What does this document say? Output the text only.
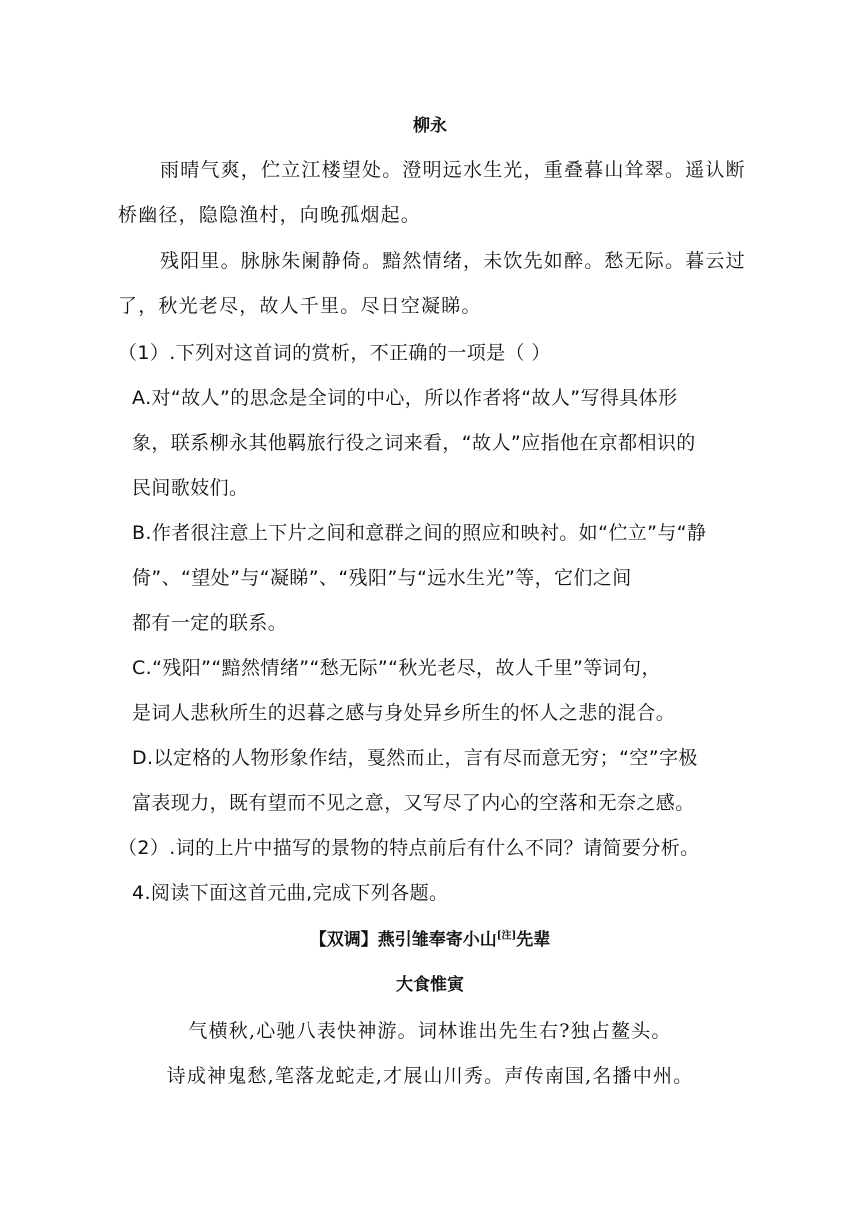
柳永
雨晴气爽，伫立江楼望处。澄明远水生光，重叠暮山耸翠。遥认断
桥幽径，隐隐渔村，向晚孤烟起。
残阳里。脉脉朱阑静倚。黯然情绪，未饮先如醉。愁无际。暮云过
了，秋光老尽，故人千里。尽日空凝睇。
（1）.下列对这首词的赏析，不正确的一项是（ ）
A.对“故人”的思念是全词的中心，所以作者将“故人”写得具体形
象，联系柳永其他羁旅行役之词来看，“故人”应指他在京都相识的
民间歌妓们。
B.作者很注意上下片之间和意群之间的照应和映衬。如“伫立”与“静
倚”、“望处”与“凝睇”、“残阳”与“远水生光”等，它们之间
都有一定的联系。
C.“残阳”“黯然情绪”“愁无际”“秋光老尽，故人千里”等词句，
是词人悲秋所生的迟暮之感与身处异乡所生的怀人之悲的混合。
D.以定格的人物形象作结，戛然而止，言有尽而意无穷；“空”字极
富表现力，既有望而不见之意，又写尽了内心的空落和无奈之感。
（2）.词的上片中描写的景物的特点前后有什么不同？请简要分析。
4.阅读下面这首元曲,完成下列各题。
【双调】燕引雏奉寄小山[注]先辈
大食惟寅
气横秋,心驰八表快神游。词林谁出先生右?独占鳌头。
诗成神鬼愁,笔落龙蛇走,才展山川秀。声传南国,名播中州。
